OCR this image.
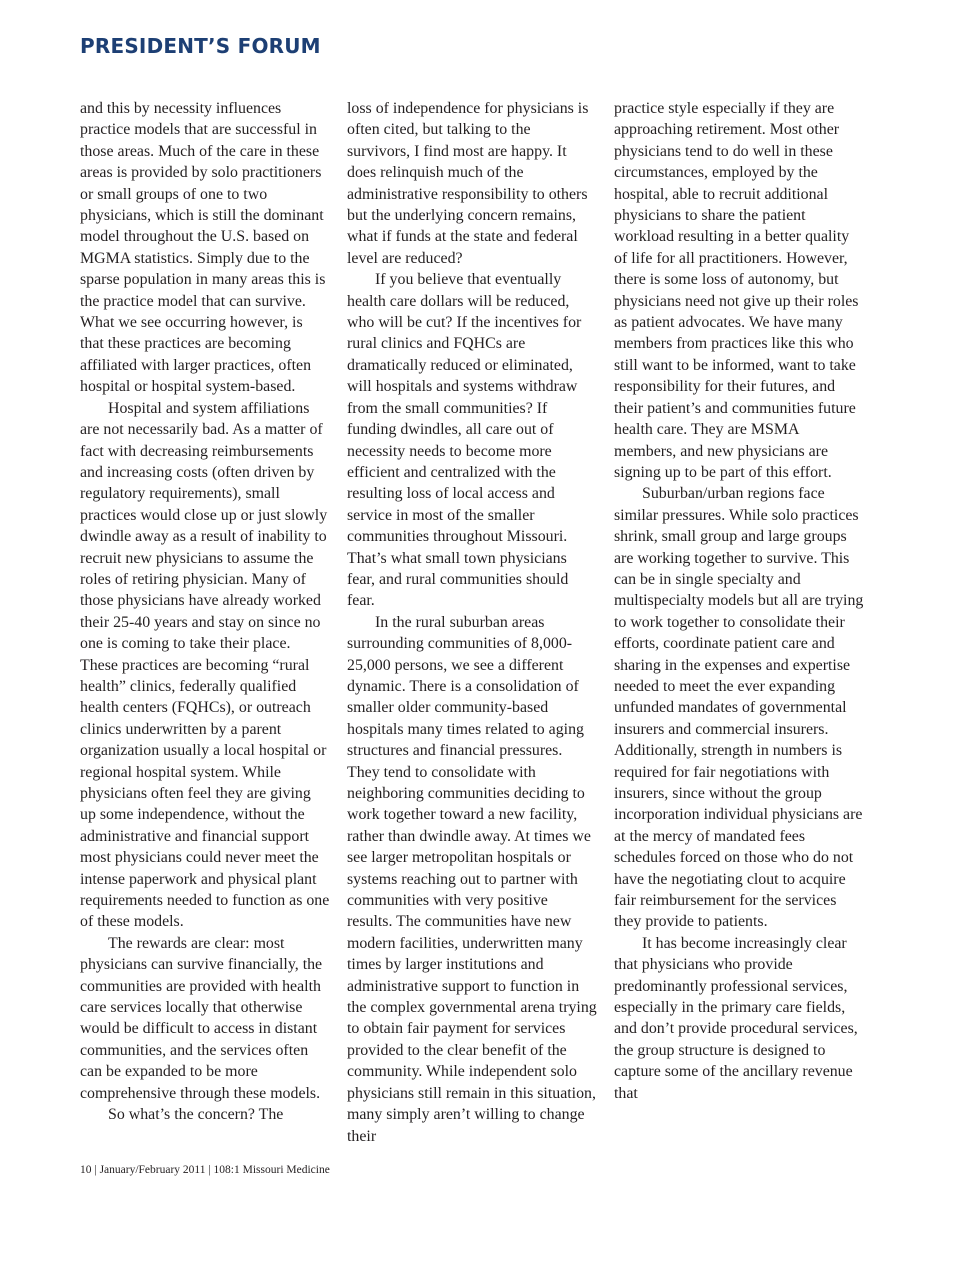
PRESIDENT’S FORUM

and this by necessity influences practice models that are successful in those areas. Much of the care in these areas is provided by solo practitioners or small groups of one to two physicians, which is still the dominant model throughout the U.S. based on MGMA statistics. Simply due to the sparse population in many areas this is the practice model that can survive. What we see occurring however, is that these practices are becoming affiliated with larger practices, often hospital or hospital system-based.

Hospital and system affiliations are not necessarily bad. As a matter of fact with decreasing reimbursements and increasing costs (often driven by regulatory requirements), small practices would close up or just slowly dwindle away as a result of inability to recruit new physicians to assume the roles of retiring physician. Many of those physicians have already worked their 25-40 years and stay on since no one is coming to take their place. These practices are becoming “rural health” clinics, federally qualified health centers (FQHCs), or outreach clinics underwritten by a parent organization usually a local hospital or regional hospital system. While physicians often feel they are giving up some independence, without the administrative and financial support most physicians could never meet the intense paperwork and physical plant requirements needed to function as one of these models.

The rewards are clear: most physicians can survive financially, the communities are provided with health care services locally that otherwise would be difficult to access in distant communities, and the services often can be expanded to be more comprehensive through these models.

So what’s the concern? The

loss of independence for physicians is often cited, but talking to the survivors, I find most are happy. It does relinquish much of the administrative responsibility to others but the underlying concern remains, what if funds at the state and federal level are reduced?

If you believe that eventually health care dollars will be reduced, who will be cut? If the incentives for rural clinics and FQHCs are dramatically reduced or eliminated, will hospitals and systems withdraw from the small communities? If funding dwindles, all care out of necessity needs to become more efficient and centralized with the resulting loss of local access and service in most of the smaller communities throughout Missouri. That’s what small town physicians fear, and rural communities should fear.

In the rural suburban areas surrounding communities of 8,000-25,000 persons, we see a different dynamic. There is a consolidation of smaller older community-based hospitals many times related to aging structures and financial pressures. They tend to consolidate with neighboring communities deciding to work together toward a new facility, rather than dwindle away. At times we see larger metropolitan hospitals or systems reaching out to partner with communities with very positive results. The communities have new modern facilities, underwritten many times by larger institutions and administrative support to function in the complex governmental arena trying to obtain fair payment for services provided to the clear benefit of the community. While independent solo physicians still remain in this situation, many simply aren’t willing to change their

practice style especially if they are approaching retirement. Most other physicians tend to do well in these circumstances, employed by the hospital, able to recruit additional physicians to share the patient workload resulting in a better quality of life for all practitioners. However, there is some loss of autonomy, but physicians need not give up their roles as patient advocates. We have many members from practices like this who still want to be informed, want to take responsibility for their futures, and their patient’s and communities future health care. They are MSMA members, and new physicians are signing up to be part of this effort.

Suburban/urban regions face similar pressures. While solo practices shrink, small group and large groups are working together to survive. This can be in single specialty and multispecialty models but all are trying to work together to consolidate their efforts, coordinate patient care and sharing in the expenses and expertise needed to meet the ever expanding unfunded mandates of governmental insurers and commercial insurers. Additionally, strength in numbers is required for fair negotiations with insurers, since without the group incorporation individual physicians are at the mercy of mandated fees schedules forced on those who do not have the negotiating clout to acquire fair reimbursement for the services they provide to patients.

It has become increasingly clear that physicians who provide predominantly professional services, especially in the primary care fields, and don’t provide procedural services, the group structure is designed to capture some of the ancillary revenue that

10 | January/February 2011 | 108:1 Missouri Medicine
